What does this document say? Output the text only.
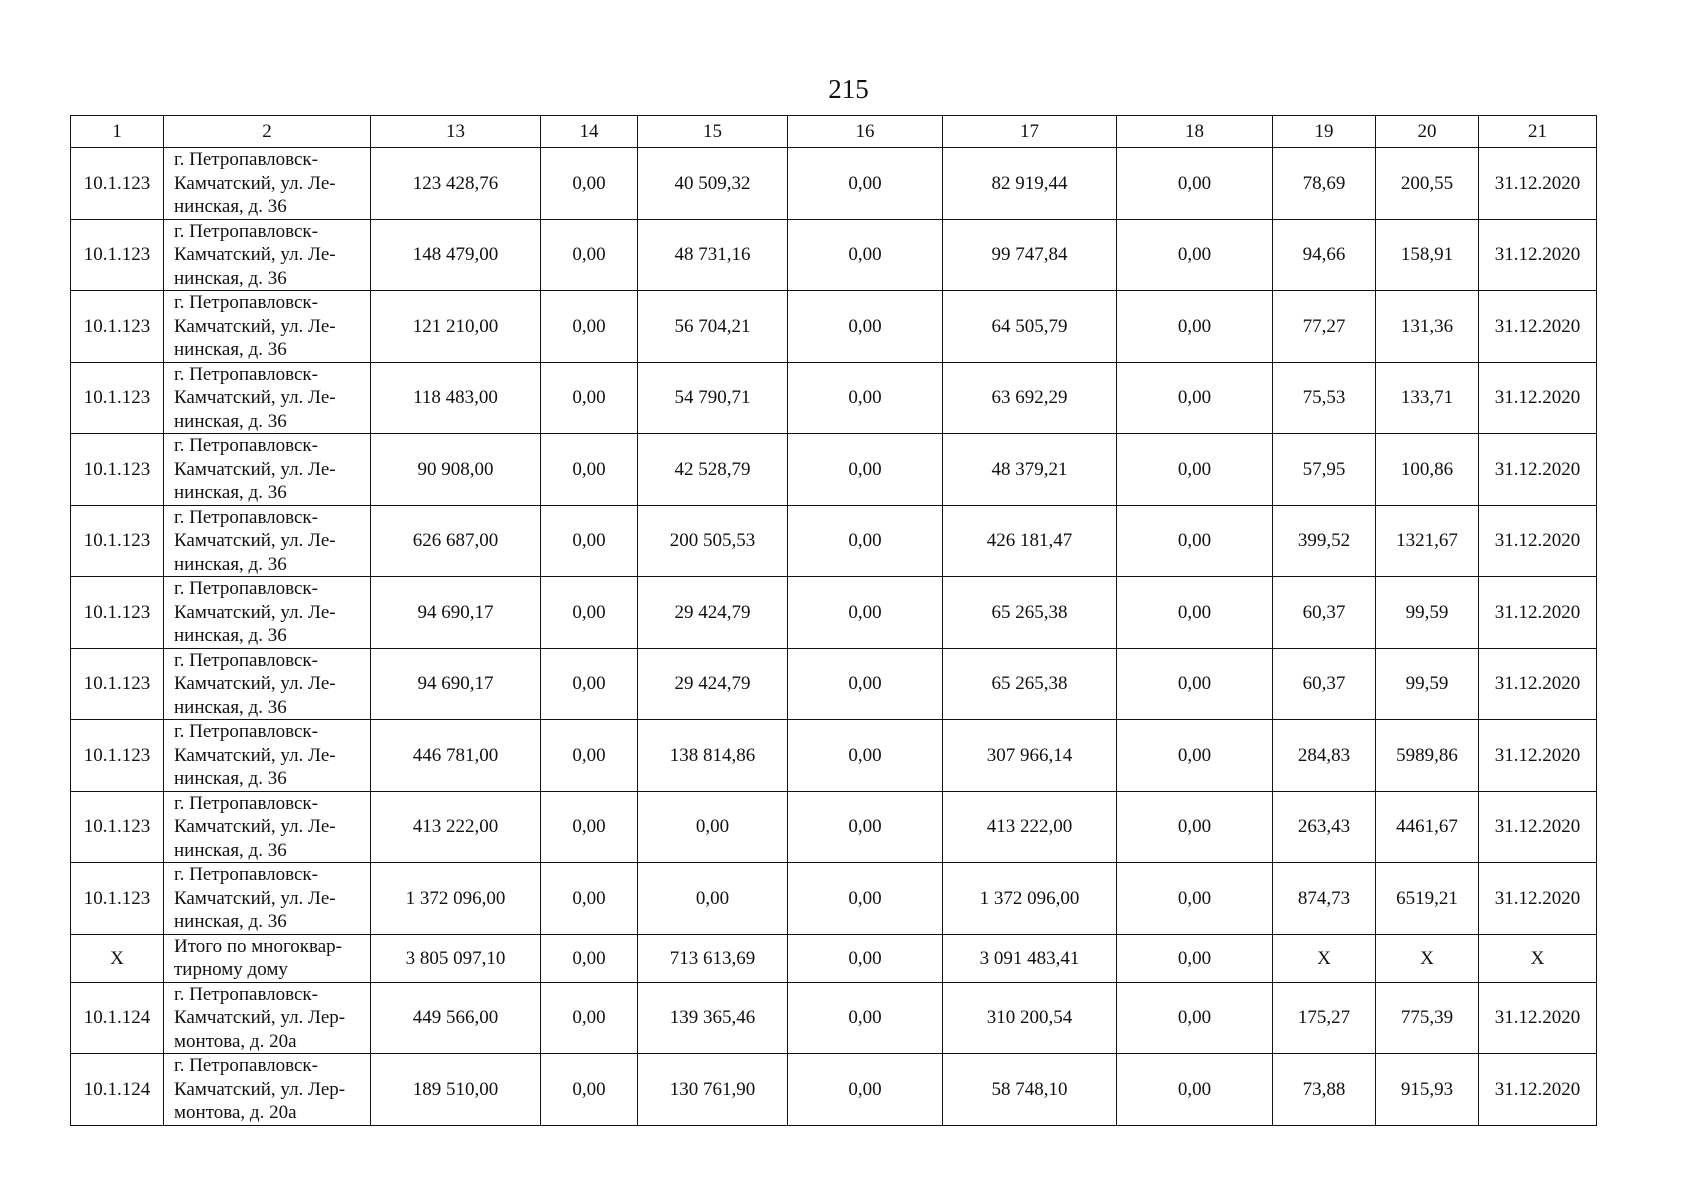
215
1	2	13	14	15	16	17	18	19	20	21
10.1.123	г. Петропавловск-
Камчатский, ул. Ле-
нинская, д. 36	123 428,76	0,00	40 509,32	0,00	82 919,44	0,00	78,69	200,55	31.12.2020
10.1.123	г. Петропавловск-
Камчатский, ул. Ле-
нинская, д. 36	148 479,00	0,00	48 731,16	0,00	99 747,84	0,00	94,66	158,91	31.12.2020
10.1.123	г. Петропавловск-
Камчатский, ул. Ле-
нинская, д. 36	121 210,00	0,00	56 704,21	0,00	64 505,79	0,00	77,27	131,36	31.12.2020
10.1.123	г. Петропавловск-
Камчатский, ул. Ле-
нинская, д. 36	118 483,00	0,00	54 790,71	0,00	63 692,29	0,00	75,53	133,71	31.12.2020
10.1.123	г. Петропавловск-
Камчатский, ул. Ле-
нинская, д. 36	90 908,00	0,00	42 528,79	0,00	48 379,21	0,00	57,95	100,86	31.12.2020
10.1.123	г. Петропавловск-
Камчатский, ул. Ле-
нинская, д. 36	626 687,00	0,00	200 505,53	0,00	426 181,47	0,00	399,52	1321,67	31.12.2020
10.1.123	г. Петропавловск-
Камчатский, ул. Ле-
нинская, д. 36	94 690,17	0,00	29 424,79	0,00	65 265,38	0,00	60,37	99,59	31.12.2020
10.1.123	г. Петропавловск-
Камчатский, ул. Ле-
нинская, д. 36	94 690,17	0,00	29 424,79	0,00	65 265,38	0,00	60,37	99,59	31.12.2020
10.1.123	г. Петропавловск-
Камчатский, ул. Ле-
нинская, д. 36	446 781,00	0,00	138 814,86	0,00	307 966,14	0,00	284,83	5989,86	31.12.2020
10.1.123	г. Петропавловск-
Камчатский, ул. Ле-
нинская, д. 36	413 222,00	0,00	0,00	0,00	413 222,00	0,00	263,43	4461,67	31.12.2020
10.1.123	г. Петропавловск-
Камчатский, ул. Ле-
нинская, д. 36	1 372 096,00	0,00	0,00	0,00	1 372 096,00	0,00	874,73	6519,21	31.12.2020
Х	Итого по многоквар-
тирному дому	3 805 097,10	0,00	713 613,69	0,00	3 091 483,41	0,00	Х	Х	Х
10.1.124	г. Петропавловск-
Камчатский, ул. Лер-
монтова, д. 20а	449 566,00	0,00	139 365,46	0,00	310 200,54	0,00	175,27	775,39	31.12.2020
10.1.124	г. Петропавловск-
Камчатский, ул. Лер-
монтова, д. 20а	189 510,00	0,00	130 761,90	0,00	58 748,10	0,00	73,88	915,93	31.12.2020
